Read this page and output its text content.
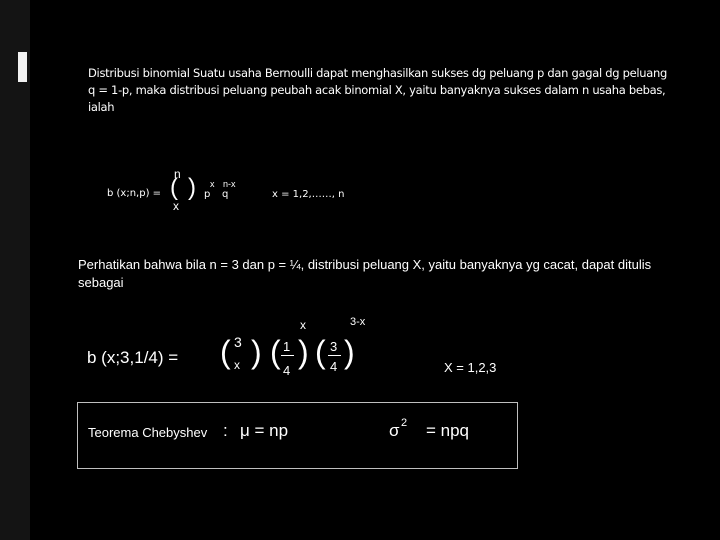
Distribusi binomial Suatu usaha Bernoulli dapat menghasilkan sukses dg peluang p dan gagal dg peluang q = 1-p, maka distribusi peluang peubah acak binomial X, yaitu banyaknya sukses dalam n usaha bebas, ialah
b (x;n,p) = (
n
x
) x n-x
p q	x = 1,2,……, n
Perhatikan bahwa bila n = 3 dan p = ¼, distribusi peluang X, yaitu banyaknya yg cacat, dapat ditulis sebagai
x	3-x
b (x;3,1/4) = ( 3
x ) ( 1
4
) ( 3
4 )	X = 1,2,3
Teorema Chebyshev : μ = np	σ 2 = npq
